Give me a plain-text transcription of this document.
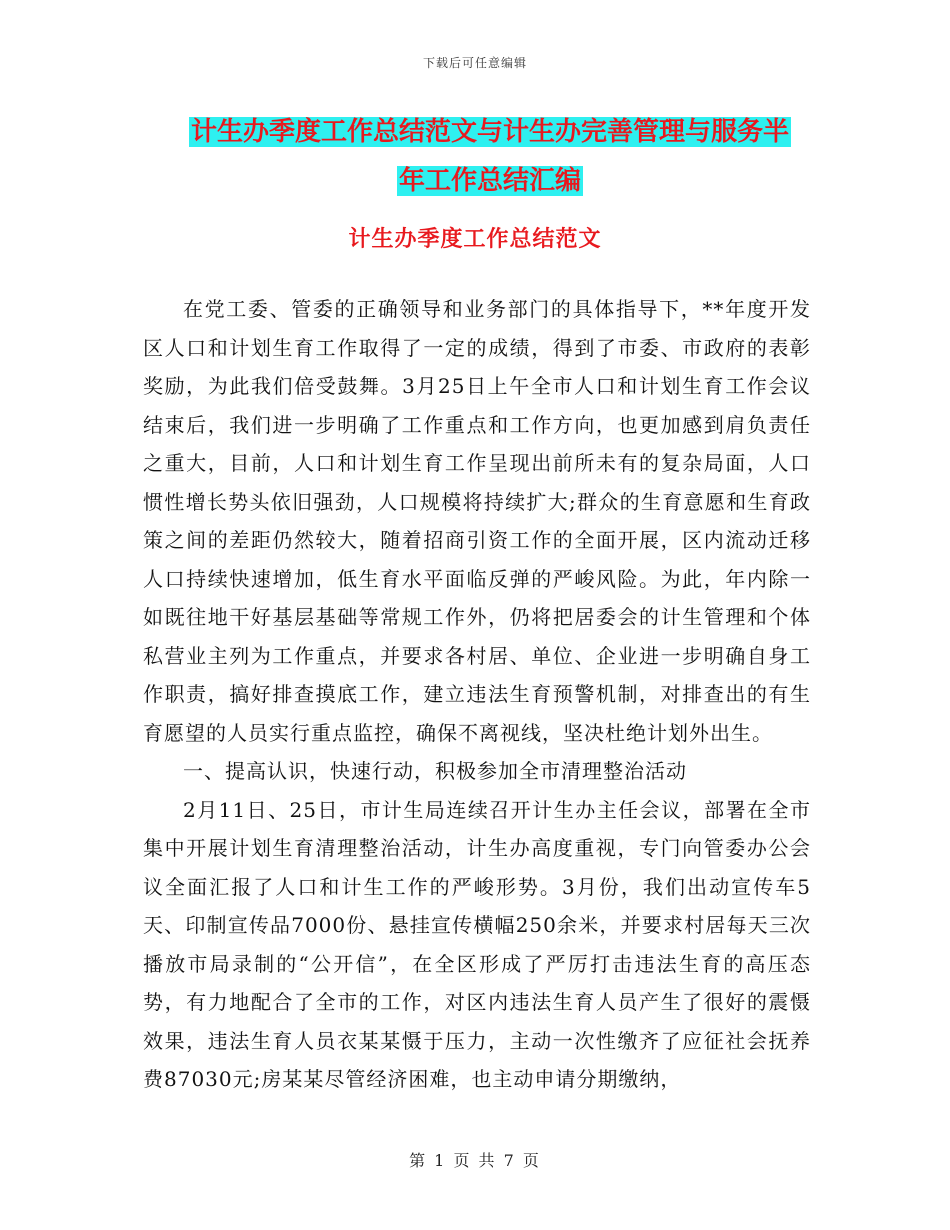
下载后可任意编辑
计生办季度工作总结范文与计生办完善管理与服务半
年工作总结汇编
计生办季度工作总结范文

在党工委、管委的正确领导和业务部门的具体指导下，**年度开发区人口和计划生育工作取得了一定的成绩，得到了市委、市政府的表彰奖励，为此我们倍受鼓舞。3月25日上午全市人口和计划生育工作会议结束后，我们进一步明确了工作重点和工作方向，也更加感到肩负责任之重大，目前，人口和计划生育工作呈现出前所未有的复杂局面，人口惯性增长势头依旧强劲，人口规模将持续扩大;群众的生育意愿和生育政策之间的差距仍然较大，随着招商引资工作的全面开展，区内流动迁移人口持续快速增加，低生育水平面临反弹的严峻风险。为此，年内除一如既往地干好基层基础等常规工作外，仍将把居委会的计生管理和个体私营业主列为工作重点，并要求各村居、单位、企业进一步明确自身工作职责，搞好排查摸底工作，建立违法生育预警机制，对排查出的有生育愿望的人员实行重点监控，确保不离视线，坚决杜绝计划外出生。

一、提高认识，快速行动，积极参加全市清理整治活动

2月11日、25日，市计生局连续召开计生办主任会议，部署在全市集中开展计划生育清理整治活动，计生办高度重视，专门向管委办公会议全面汇报了人口和计生工作的严峻形势。3月份，我们出动宣传车5天、印制宣传品7000份、悬挂宣传横幅250余米，并要求村居每天三次播放市局录制的“公开信”，在全区形成了严厉打击违法生育的高压态势，有力地配合了全市的工作，对区内违法生育人员产生了很好的震慑效果，违法生育人员衣某某慑于压力，主动一次性缴齐了应征社会抚养费87030元;房某某尽管经济困难，也主动申请分期缴纳，

第 1 页 共 7 页
